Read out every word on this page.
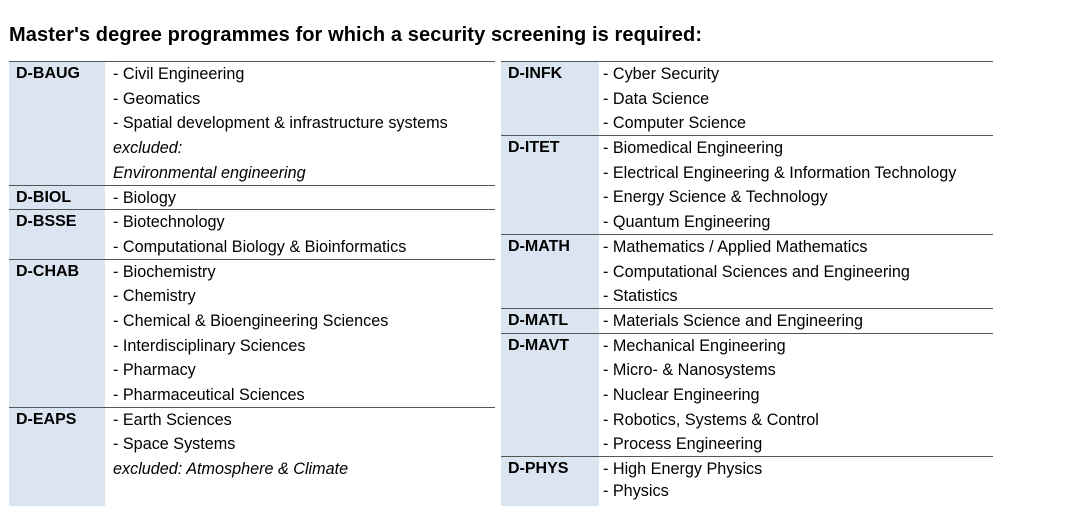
Master's degree programmes for which a security screening is required:
D-BAUG - Civil Engineering
- Geomatics
- Spatial development & infrastructure systems
excluded:
Environmental engineering
D-BIOL	- Biology
D-BSSE - Biotechnology
- Computational Biology & Bioinformatics
D-CHAB - Biochemistry
- Chemistry
- Chemical & Bioengineering Sciences
- Interdisciplinary Sciences
- Pharmacy
- Pharmaceutical Sciences
D-EAPS - Earth Sciences
- Space Systems
excluded: Atmosphere & Climate
D-INFK	- Cyber Security
- Data Science
- Computer Science
D-ITET	- Biomedical Engineering
- Electrical Engineering & Information Technology
- Energy Science & Technology
- Quantum Engineering
D-MATH - Mathematics / Applied Mathematics
- Computational Sciences and Engineering
- Statistics
D-MATL - Materials Science and Engineering
D-MAVT - Mechanical Engineering
- Micro- & Nanosystems
- Nuclear Engineering
- Robotics, Systems & Control
- Process Engineering
D-PHYS - High Energy Physics
- Physics
